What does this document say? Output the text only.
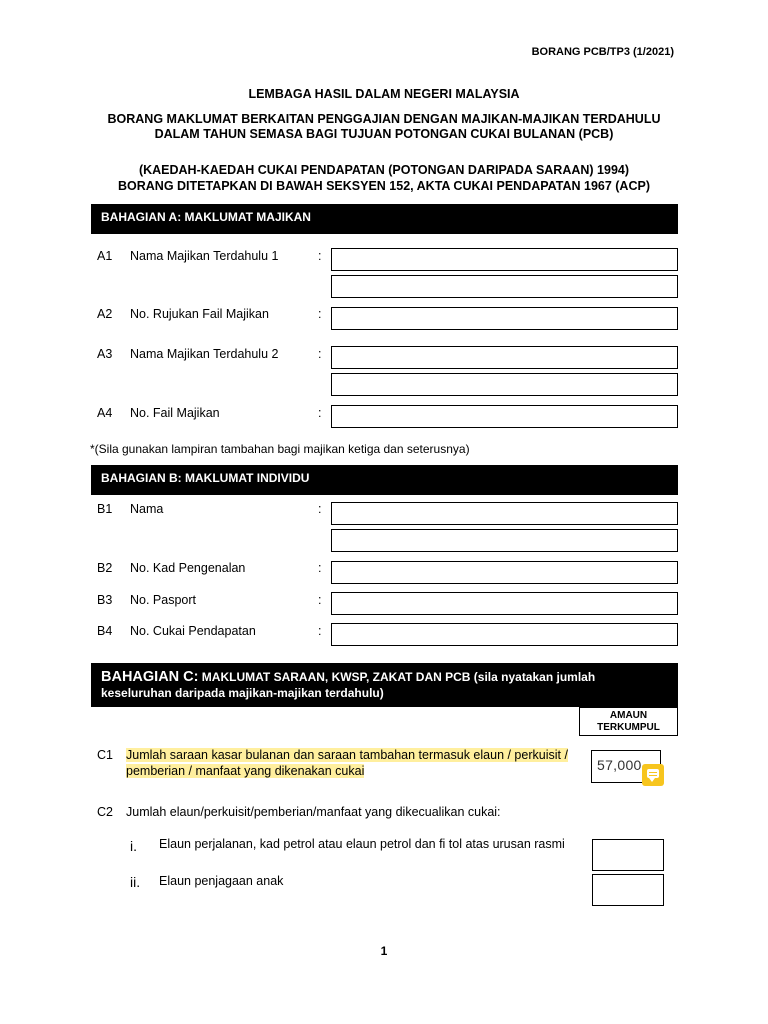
BORANG PCB/TP3 (1/2021)
LEMBAGA HASIL DALAM NEGERI MALAYSIA
BORANG MAKLUMAT BERKAITAN PENGGAJIAN DENGAN MAJIKAN-MAJIKAN TERDAHULU
DALAM TAHUN SEMASA BAGI TUJUAN POTONGAN CUKAI BULANAN (PCB)
(KAEDAH-KAEDAH CUKAI PENDAPATAN (POTONGAN DARIPADA SARAAN) 1994)
BORANG DITETAPKAN DI BAWAH SEKSYEN 152, AKTA CUKAI PENDAPATAN 1967 (ACP)
BAHAGIAN A: MAKLUMAT MAJIKAN
A1 Nama Majikan Terdahulu 1	:
A2 No. Rujukan Fail Majikan	:
A3 Nama Majikan Terdahulu 2	:
A4 No. Fail Majikan	:
*(Sila gunakan lampiran tambahan bagi majikan ketiga dan seterusnya)
BAHAGIAN B: MAKLUMAT INDIVIDU
B1 Nama	:
B2 No. Kad Pengenalan	:
B3 No. Pasport	:
B4 No. Cukai Pendapatan	:
BAHAGIAN C: MAKLUMAT SARAAN, KWSP, ZAKAT DAN PCB (sila nyatakan jumlah
keseluruhan daripada majikan-majikan terdahulu)
AMAUN
TERKUMPUL
C1 Jumlah saraan kasar bulanan dan saraan tambahan termasuk elaun / perkuisit /
pemberian / manfaat yang dikenakan cukai	57,000
C2 Jumlah elaun/perkuisit/pemberian/manfaat yang dikecualikan cukai:
i. Elaun perjalanan, kad petrol atau elaun petrol dan fi tol atas urusan rasmi
ii. Elaun penjagaan anak
1
